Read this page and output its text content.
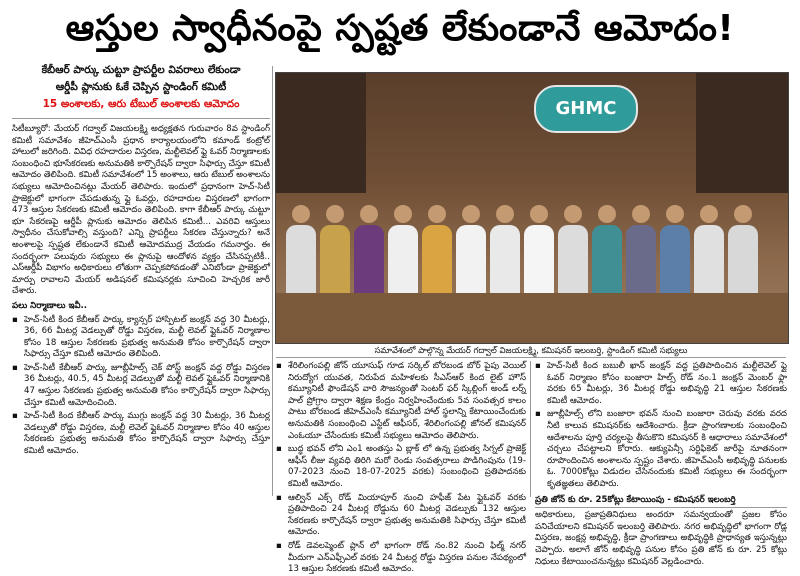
ఆస్తుల స్వాధీనంపై స్పష్టత లేకుండానే ఆమోదం!
కేబీఆర్ పార్కు చుట్టూ ప్రాపర్టీల వివరాలు లేకుండా
ఆర్డీపీ ప్లానుకు ఓకే చెప్పిన స్టాండింగ్ కమిటీ
15 అంశాలకు, ఆరు టేబుల్ అంశాలకు ఆమోదం

సిటీబ్యూరో: మేయర్ గద్వాల్ విజయలక్ష్మి అధ్యక్షతన గురువారం 8వ స్టాండింగ్ కమిటీ సమావేశం జీహెచ్ఎంసీ ప్రధాన కార్యాలయంలోని కమాండ్ కంట్రోల్ హాలులో జరిగింది. వివిధ రహదారుల విస్తరణ, మల్టీలెవల్ ఫ్లై ఓవర్ నిర్మాణాలకు సంబంధించి భూసేకరణకు అనుమతికి కార్పొరేషన్ ద్వారా సిఫార్సు చేస్తూ కమిటీ ఆమోదం తెలిపింది. కమిటీ సమావేశంలో 15 అంశాలు, ఆరు టేబుల్ అంశాలను సభ్యులు ఆమోదించినట్లు మేయర్ తెలిపారు. ఇందులో ప్రధానంగా హెచ్-సిటీ ప్రాజెక్టులో భాగంగా చేపడుతున్న ఫ్లై ఓవర్లు, రహదారుల విస్తరణలో భాగంగా 473 ఆస్తుల సేకరణకు కమిటీ ఆమోదం తెలిపింది. కాగా కేబీఆర్ పార్కు చుట్టూ భూ సేకరణపై ఆర్డీపీ ప్లానుకు ఆమోదం తెలిపిన కమిటీ... ఎవరివి ఆస్తులు స్వాధీనం చేసుకోవాల్సి వస్తుంది? ఎన్ని ప్రాపర్టీలు సేకరణ చేస్తున్నారు? అనే అంశాలపై స్పష్టత లేకుండానే కమిటీ ఆమోదముద్ర వేయడం గమనార్హం. ఈ సందర్భంగా పలువురు సభ్యులు ఈ ప్లానుపై ఆందోళన వ్యక్తం చేసినప్పటికీ.. ఎస్ఆర్డీపీ విభాగం అధికారులు లోతుగా చెప్పకపోవడంతో ఎనిబోండా ప్రాజెక్టులో మార్పు రావాలని మేయర్ అడిషనల్ కమిషనర్లకు సూచించి హెచ్చరిక జారీ చేశారు.

పలు నిర్మాణాలు ఇవీ..
▪ హెచ్-సిటీ కింద కేబీఆర్ పార్కు క్యాన్సర్ హాస్పిటల్ జంక్షన్ వద్ద 30 మీటర్లు, 36, 66 మీటర్ల వెడల్పుతో రోడ్డు విస్తరణ, మల్టీ లెవల్ ఫ్లైఓవర్ నిర్మాణాల కోసం 18 ఆస్తుల సేకరణకు ప్రభుత్వ అనుమతి కోసం కార్పొరేషన్ ద్వారా సిఫార్సు చేస్తూ కమిటీ ఆమోదం తెలిపింది.
▪ హెచ్-సిటీ కేబీఆర్ పార్కు జూబ్లీహిల్స్ చెక్ పోస్ట్ జంక్షన్ వద్ద రోడ్డు విస్తరణ 36 మీటర్లు, 40.5, 45 మీటర్ల వెడల్పుతో మల్టీ లెవల్ ఫ్లైఓవర్ నిర్మాణానికి 47 ఆస్తుల సేకరణకు ప్రభుత్వ అనుమతి కోసం కార్పొరేషన్ ద్వారా సిఫార్సు చేస్తూ కమిటీ ఆమోదించింది.
▪ హెచ్-సిటీ కింద కేబీఆర్ పార్కు ముగ్గు జంక్షన్ వద్ద 30 మీటర్లు, 36 మీటర్ల వెడల్పుతో రోడ్డు విస్తరణ, మల్టీ లెవెల్ ఫ్లైఓవర్ నిర్మాణాల కోసం 40 ఆస్తుల సేకరణకు ప్రభుత్వ అనుమతి కోసం కార్పొరేషన్ ద్వారా సిఫార్సు చేస్తూ కమిటీ ఆమోదం.
GHMC
సమావేశంలో పాల్గొన్న మేయర్ గద్వాల్ విజయలక్ష్మి, కమిషనర్ ఇలంబర్తి, స్టాండింగ్ కమిటీ సభ్యులు
▪ శేరిలింగంపల్లి జోన్ యూసుఫ్ గూడ సర్కిల్ బోరబండ బోర్ పైపు వెయిల్ నిరుద్యోగ యువత, నిరుపేద మహిళలకు సీఎస్ఆర్ కింద లైట్ హౌస్ కమ్యూనిటీ ఫౌండేషన్ వారి సౌజన్యంతో సెంటర్ ఫర్ స్కిల్లింగ్ అండ్ లర్న్ పాల్ ప్రోగ్రాం ద్వారా శిక్షణ కేంద్రం నిర్వహించేందుకు 5వ సంవత్సర కాలం పాటు బోరబండ జీహెచ్ఎంసీ కమ్యూనిటీ హాల్ స్థలాన్ని కేటాయించేందుకు అనుమతికి సంబంధించి ఎస్టేట్ ఆఫీసర్, శేరిలింగంపల్లి జోనల్ కమిషనర్ ఎంఓయూ చేసేందుకు కమిటీ సభ్యులు ఆమోదం తెలిపారు.
▪ బుద్ధ భవన్ లోని ఎం1 అంతస్తు ఏ బ్లాక్ లో ఉన్న ప్రభుత్వ సిగ్నల్ ప్రాజెక్ట్ ఆఫీస్ లీజు వ్యవధి తిరిగి మరో రెండు సంవత్సరాలు పొడిగింపును (19-07-2023 నుంచి 18-07-2025 వరకు) సంబంధించి ప్రతిపాదనకు కమిటీ ఆమోదం.
▪ ఆల్విన్ ఎక్స్ రోడ్ మియాపూర్ నుంచి హఫీజ్ పేట ఫ్లైఓవర్ వరకు ప్రతిపాదించి 24 మీటర్ల రోడ్డును 60 మీటర్ల వెడల్పుకు 132 ఆస్తుల సేకరణకు కార్పొరేషన్ ద్వారా ప్రభుత్వ అనుమతికి సిఫార్సు చేస్తూ కమిటీ ఆమోదం.
▪ రోడ్ డెవలప్మెంట్ ప్లాన్ లో భాగంగా రోడ్ నం.82 నుంచి ఫిల్మ్ నగర్ మీదుగా ఎన్ఎఫ్సీఎల్ వరకు 24 మీటర్ల రోడ్డు విస్తరణ పనుల నేపథ్యంలో 13 ఆస్తుల సేకరణకు కమిటీ ఆమోదం.
▪ హెచ్-సిటీ కింద బబులీ ఖాన్ జంక్షన్ వద్ద ప్రతిపాదించిన మల్టీలెవెల్ ఫ్లై ఓవర్ నిర్మాణం కోసం బంజారా హిల్స్ రోడ్ నం.1 జంక్షన్ మెంబర్ ఫ్లా వరకు 65 మీటర్లు, 36 మీటర్ల రోడ్డు అభివృద్ధి 21 ఆస్తుల సేకరణకు కమిటీ ఆమోదం.
▪ జూబ్లీహిల్స్ లోని బంజారా భవన్ నుంచి బంజారా చెరువు వరకు వరద నీటి కాలువ కమిషనర్‌కు ఆదేశించారు. క్రీడా ప్రాంగణాలకు సంబంధించి ఆదేశాలను పూర్తి చర్యలపై తీసుకొని కమిషనర్ కి ఆధారాలు సమావేశంలో చర్చలు చేపట్టాలని కోరారు. ఆక్యుపెన్సీ సర్టిఫికెట్ జారీపై నూతనంగా రూపొందించిన అంశాలను స్పష్టం చేశారు. జీహెచ్ఎంసీ అభివృద్ధి పనులకు ఓ. 7000కోట్లు విడుదల చేసినందుకు కమిటీ సభ్యులు ఈ సందర్భంగా కృతజ్ఞతలు తెలిపారు.
ప్రతి జోన్ కు రూ. 25కోట్లు కేటాయింపు - కమిషనర్ ఇలంబర్తి

అధికారులు, ప్రజాప్రతినిధులు అందరూ సమన్వయంతో ప్రజల కోసం పనిచేయాలని కమిషనర్ ఇలంబర్తి తెలిపారు. నగర అభివృద్ధిలో భాగంగా రోడ్ల విస్తరణ, జంక్షన్ల అభివృద్ధి, క్రీడా ప్రాంగణాలు అభివృద్ధికి ప్రాధాన్యత ఇస్తున్నట్లు చెప్పారు. అలాగే జోన్ అభివృద్ధి పనుల కోసం ప్రతి జోన్ కు రూ. 25 కోట్లు నిధులు కేటాయించనున్నట్లు కమిషనర్ వెల్లడించారు.
